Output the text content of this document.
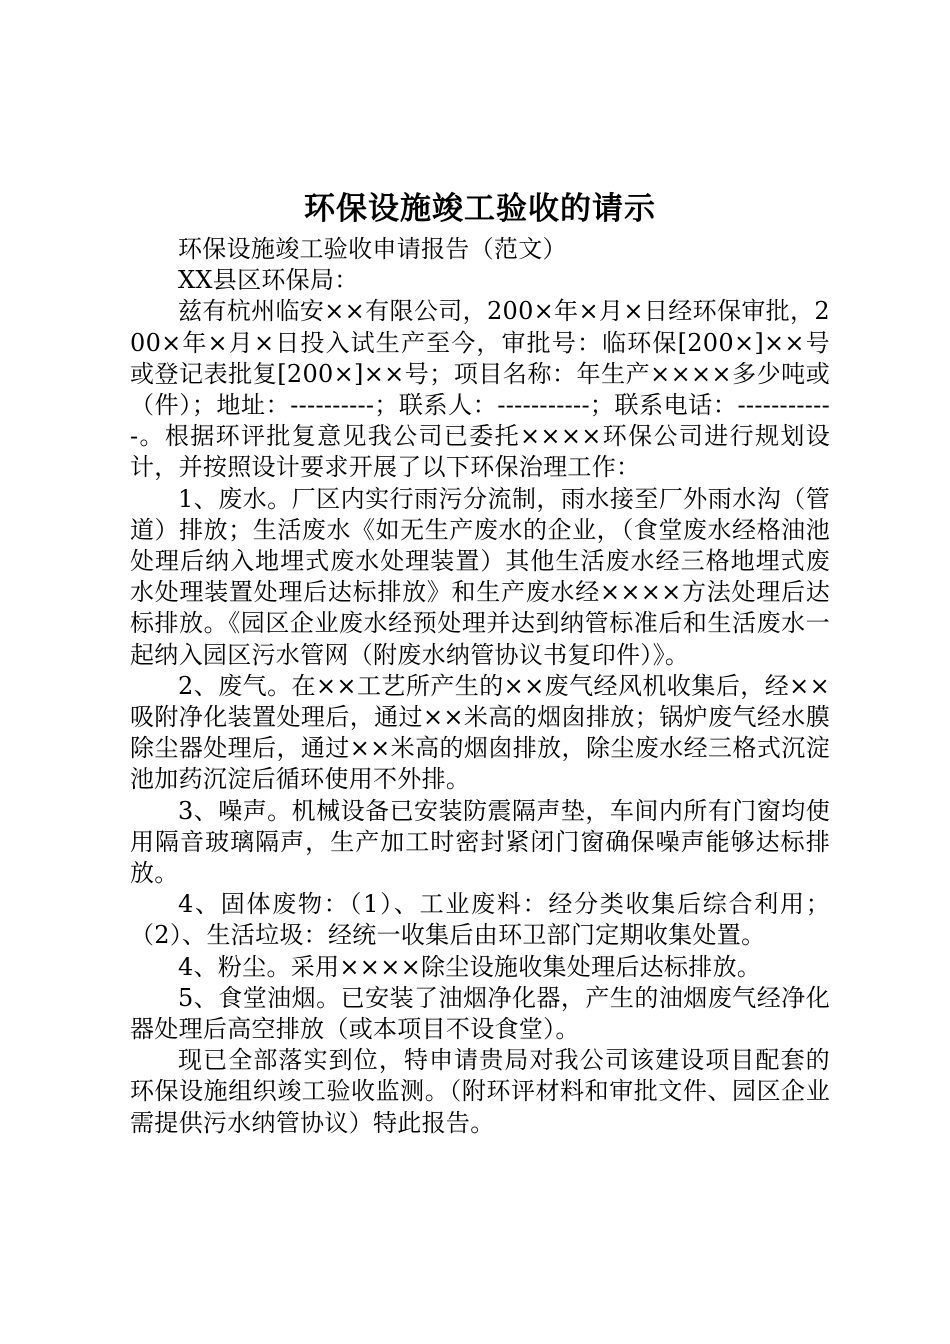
环保设施竣工验收的请示

环保设施竣工验收申请报告（范文）

XX县区环保局：

兹有杭州临安××有限公司，200×年×月×日经环保审批，200×年×月×日投入试生产至今，审批号：临环保[200×]××号或登记表批复[200×]××号；项目名称：年生产××××多少吨或（件）；地址：----------；联系人：-----------；联系电话：------------。根据环评批复意见我公司已委托××××环保公司进行规划设计，并按照设计要求开展了以下环保治理工作：

1、废水。厂区内实行雨污分流制，雨水接至厂外雨水沟（管道）排放；生活废水《如无生产废水的企业，（食堂废水经格油池处理后纳入地埋式废水处理装置）其他生活废水经三格地埋式废水处理装置处理后达标排放》和生产废水经××××方法处理后达标排放。《园区企业废水经预处理并达到纳管标准后和生活废水一起纳入园区污水管网（附废水纳管协议书复印件）》。

2、废气。在××工艺所产生的××废气经风机收集后，经××吸附净化装置处理后，通过××米高的烟囱排放；锅炉废气经水膜除尘器处理后，通过××米高的烟囱排放，除尘废水经三格式沉淀池加药沉淀后循环使用不外排。

3、噪声。机械设备已安装防震隔声垫，车间内所有门窗均使用隔音玻璃隔声，生产加工时密封紧闭门窗确保噪声能够达标排放。

4、固体废物：（1）、工业废料：经分类收集后综合利用；（2）、生活垃圾：经统一收集后由环卫部门定期收集处置。

4、粉尘。采用××××除尘设施收集处理后达标排放。

5、食堂油烟。已安装了油烟净化器，产生的油烟废气经净化器处理后高空排放（或本项目不设食堂）。

现已全部落实到位，特申请贵局对我公司该建设项目配套的环保设施组织竣工验收监测。（附环评材料和审批文件、园区企业需提供污水纳管协议）特此报告。
